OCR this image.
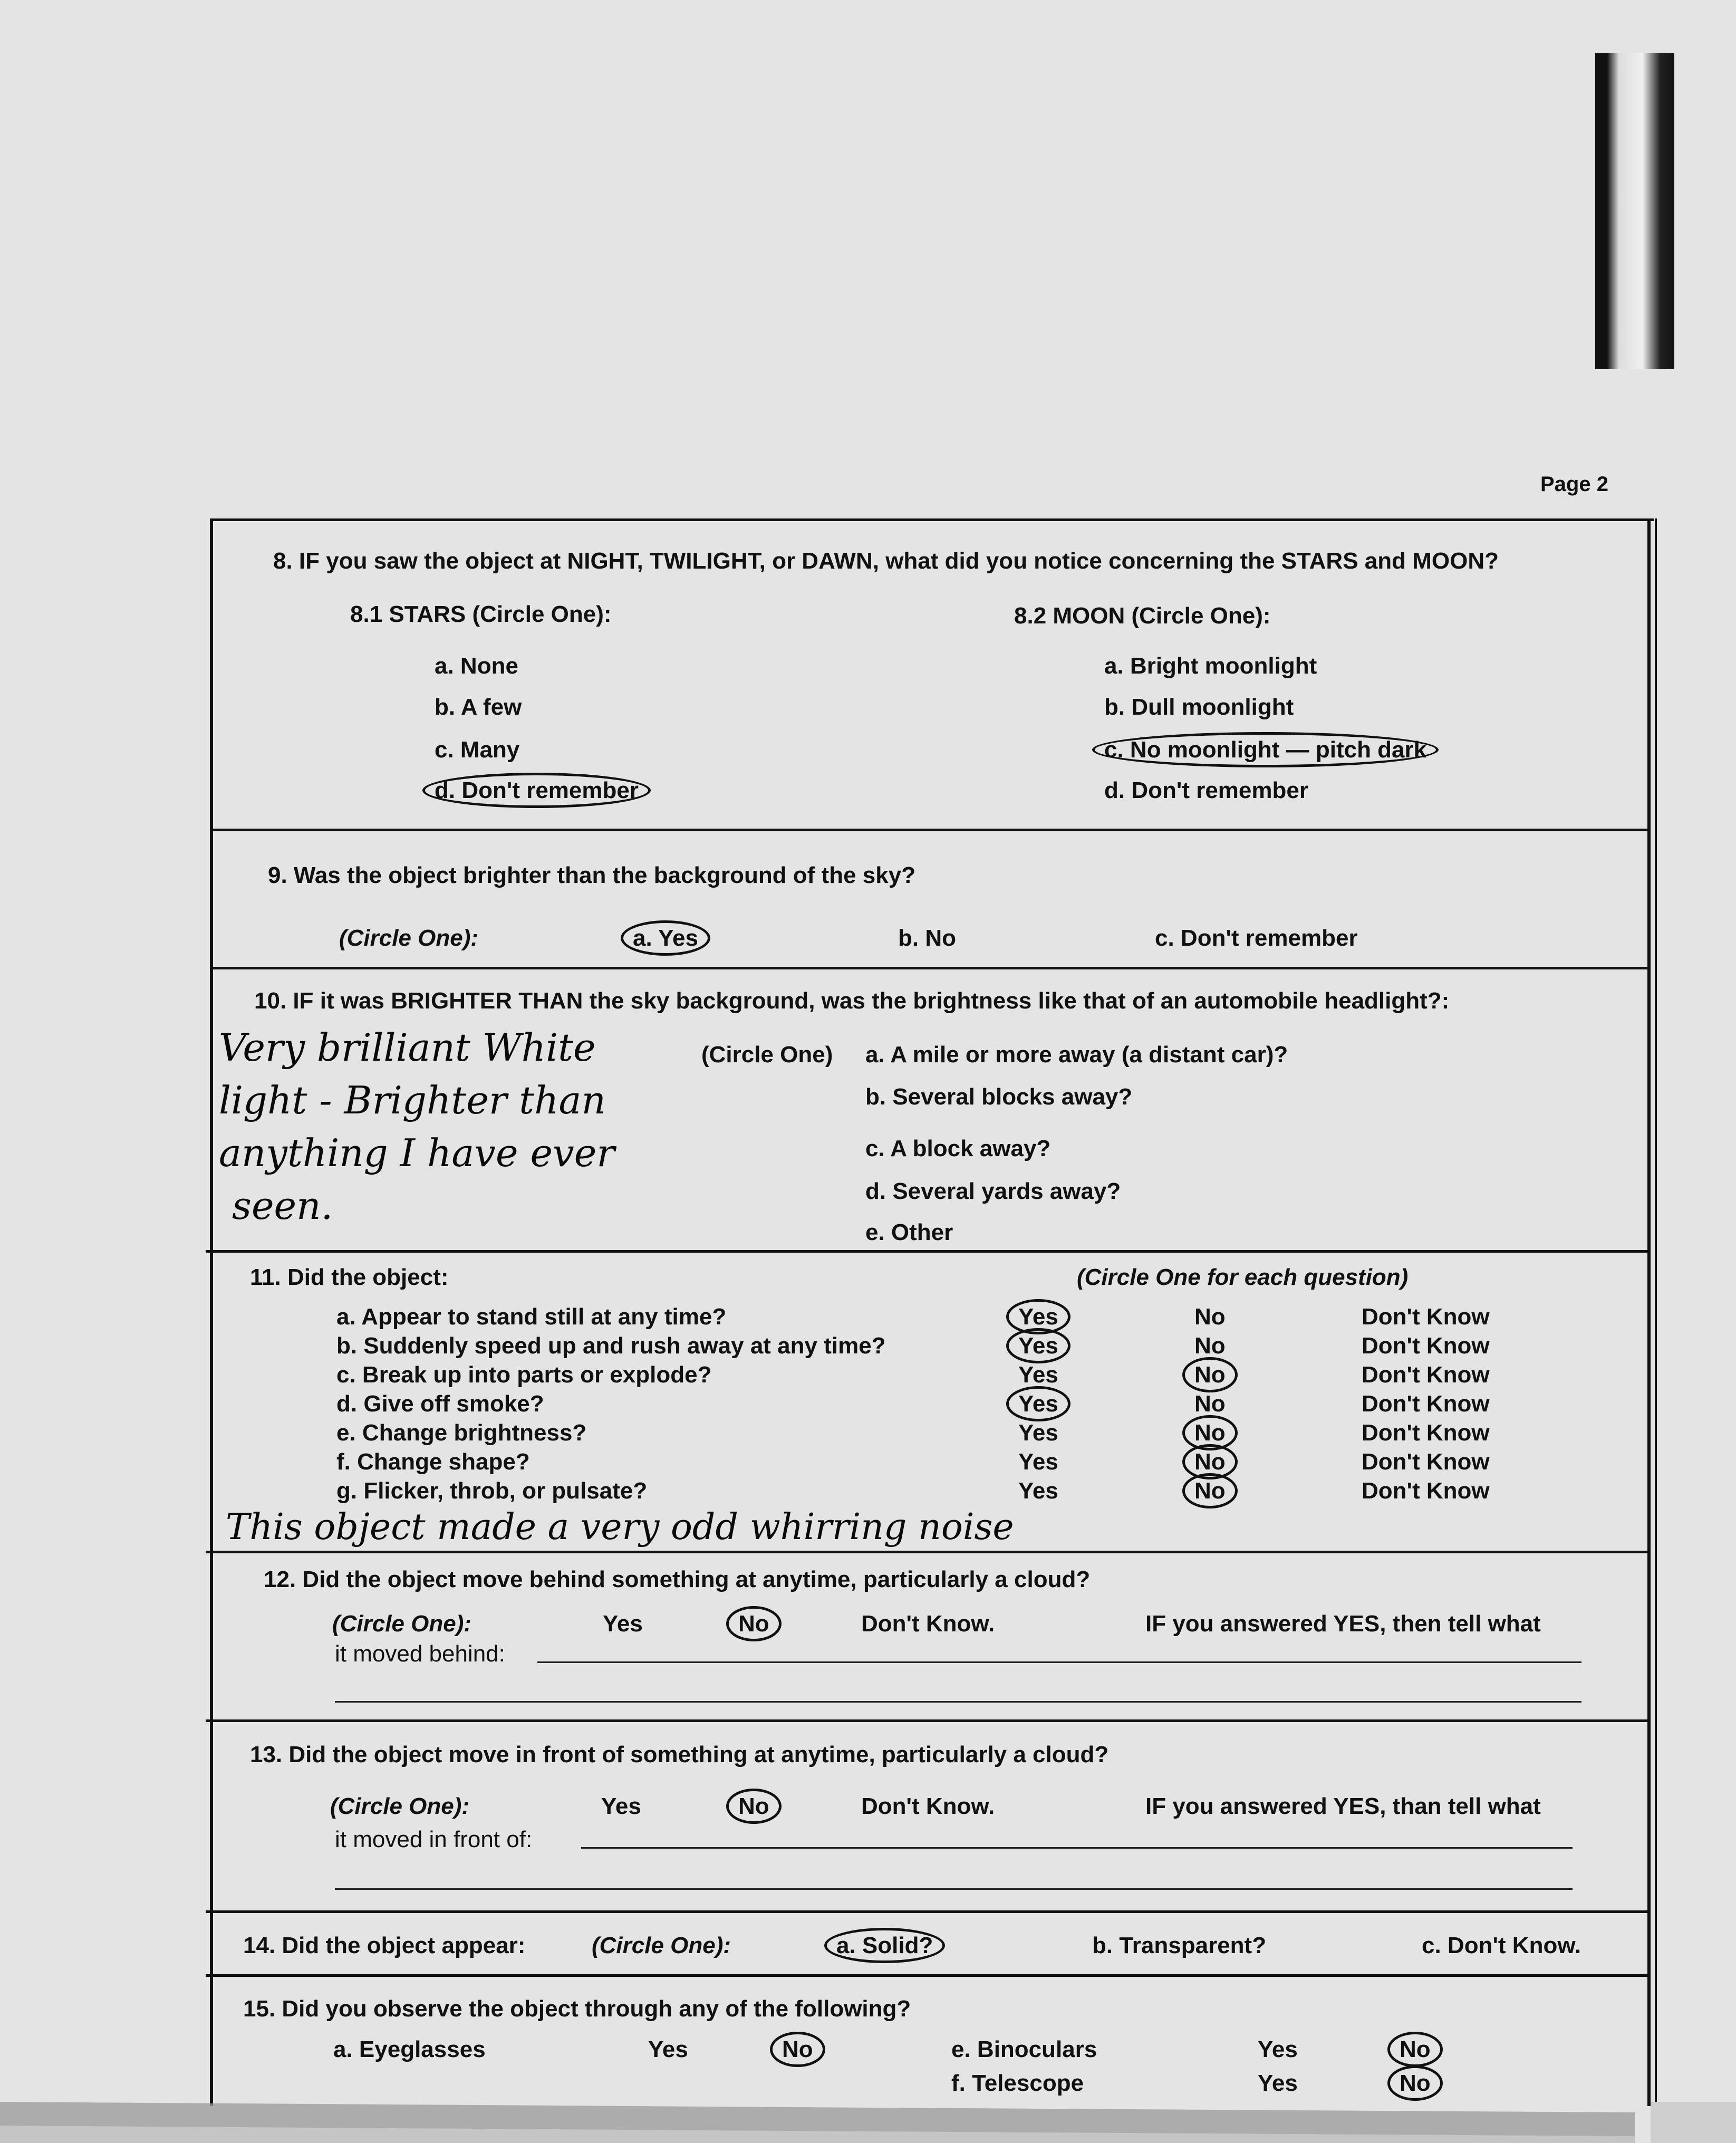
Page 2
8. IF you saw the object at NIGHT, TWILIGHT, or DAWN, what did you notice concerning the STARS and MOON?
8.1 STARS (Circle One):	8.2 MOON (Circle One):
a. None
b. A few
c. Many
d. Don't remember
a. Bright moonlight
b. Dull moonlight
c. No moonlight — pitch dark
d. Don't remember
9. Was the object brighter than the background of the sky?
(Circle One):	a. Yes	b. No	c. Don't remember
10. IF it was BRIGHTER THAN the sky background, was the brightness like that of an automobile headlight?:
(Circle One) a. A mile or more away (a distant car)?
b. Several blocks away?
c. A block away?
d. Several yards away?
e. Other
Very brilliant White
light - Brighter than
anything I have ever
seen.
11. Did the object:	(Circle One for each question)
a. Appear to stand still at any time?	Yes	No	Don't Know
b. Suddenly speed up and rush away at any time?	Yes	No	Don't Know
c. Break up into parts or explode?	Yes	No	Don't Know
d. Give off smoke?	Yes	No	Don't Know
e. Change brightness?	Yes	No	Don't Know
f. Change shape?	Yes	No	Don't Know
g. Flicker, throb, or pulsate?	Yes	No	Don't Know
This object made a very odd whirring noise
12. Did the object move behind something at anytime, particularly a cloud?
(Circle One):	Yes	No	Don't Know.	IF you answered YES, then tell what
it moved behind:
13. Did the object move in front of something at anytime, particularly a cloud?
(Circle One):	Yes	No	Don't Know.	IF you answered YES, than tell what
it moved in front of:
14. Did the object appear:	(Circle One):	a. Solid?	b. Transparent?	c. Don't Know.
15. Did you observe the object through any of the following?
a. Eyeglasses	Yes	No	e. Binoculars	Yes	No
f. Telescope	Yes	No
